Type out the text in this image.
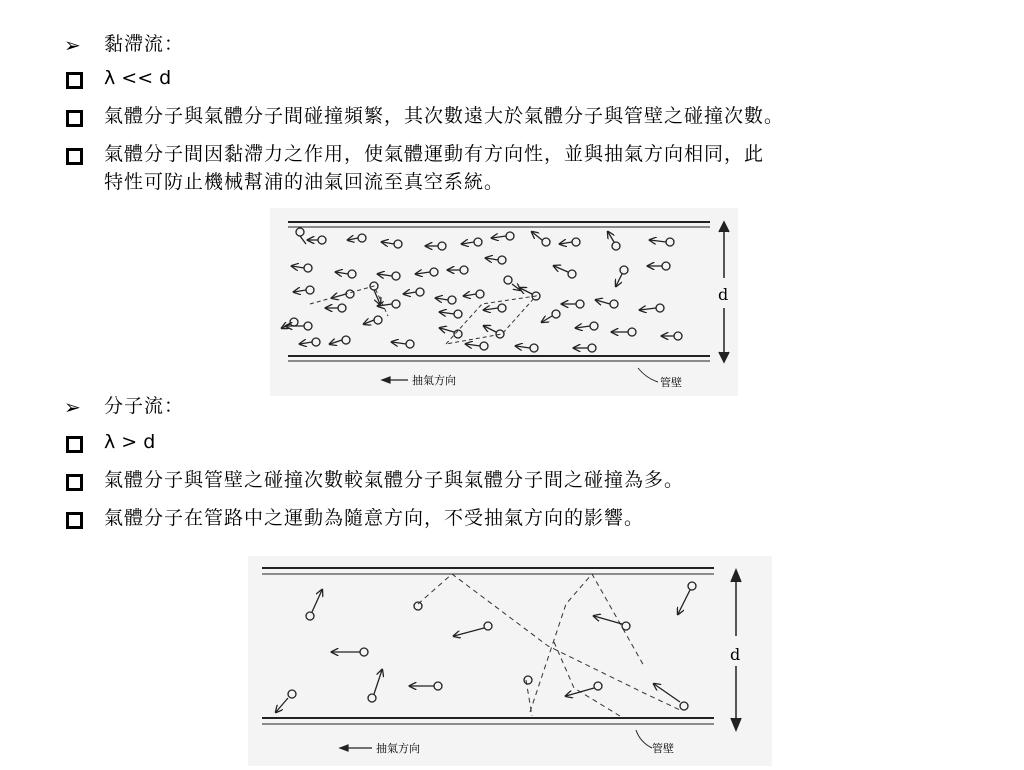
➢ 黏滯流：
λ << d
氣體分子與氣體分子間碰撞頻繁，其次數遠大於氣體分子與管壁之碰撞次數。
氣體分子間因黏滯力之作用，使氣體運動有方向性，並與抽氣方向相同，此
特性可防止機械幫浦的油氣回流至真空系統。
d
抽氣方向	管壁
➢ 分子流：
λ > d
氣體分子與管壁之碰撞次數較氣體分子與氣體分子間之碰撞為多。
氣體分子在管路中之運動為隨意方向，不受抽氣方向的影響。
d
抽氣方向	管壁
